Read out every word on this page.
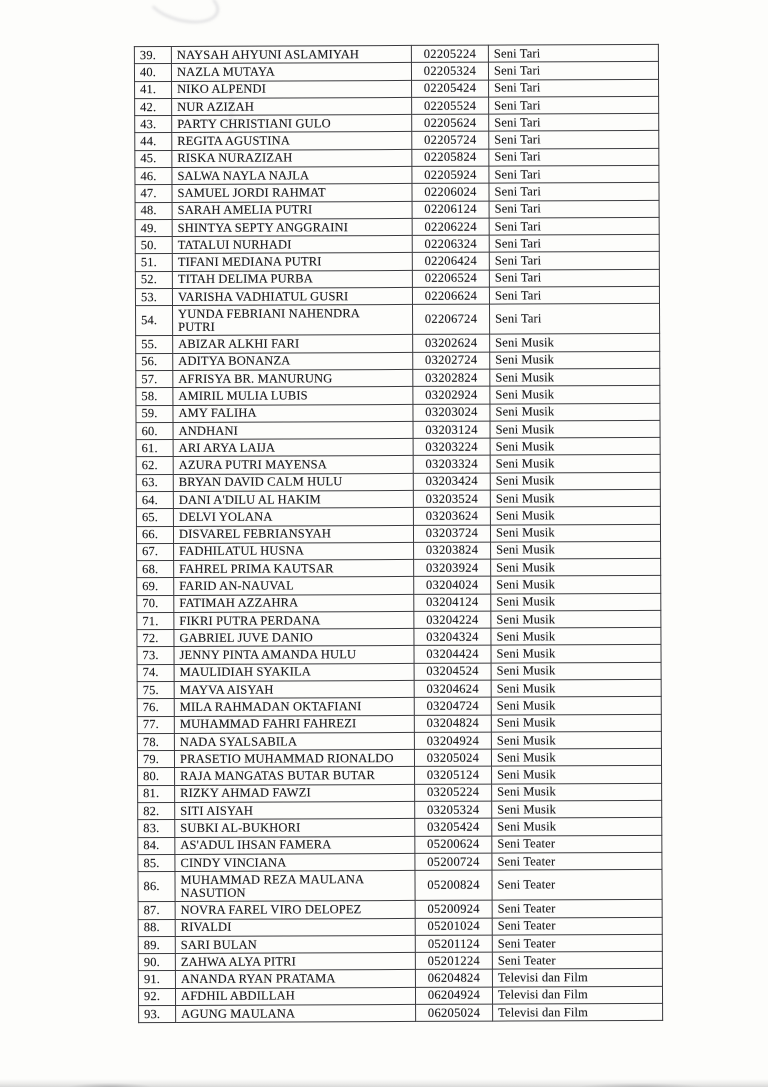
39.	NAYSAH AHYUNI ASLAMIYAH	02205224	Seni Tari
40.	NAZLA MUTAYA	02205324	Seni Tari
41.	NIKO ALPENDI	02205424	Seni Tari
42.	NUR AZIZAH	02205524	Seni Tari
43.	PARTY CHRISTIANI GULO	02205624	Seni Tari
44.	REGITA AGUSTINA	02205724	Seni Tari
45.	RISKA NURAZIZAH	02205824	Seni Tari
46.	SALWA NAYLA NAJLA	02205924	Seni Tari
47.	SAMUEL JORDI RAHMAT	02206024	Seni Tari
48.	SARAH AMELIA PUTRI	02206124	Seni Tari
49.	SHINTYA SEPTY ANGGRAINI	02206224	Seni Tari
50.	TATALUI NURHADI	02206324	Seni Tari
51.	TIFANI MEDIANA PUTRI	02206424	Seni Tari
52.	TITAH DELIMA PURBA	02206524	Seni Tari
53.	VARISHA VADHIATUL GUSRI	02206624	Seni Tari
54.	YUNDA FEBRIANI NAHENDRA
PUTRI	02206724	Seni Tari
55.	ABIZAR ALKHI FARI	03202624	Seni Musik
56.	ADITYA BONANZA	03202724	Seni Musik
57.	AFRISYA BR. MANURUNG	03202824	Seni Musik
58.	AMIRIL MULIA LUBIS	03202924	Seni Musik
59.	AMY FALIHA	03203024	Seni Musik
60.	ANDHANI	03203124	Seni Musik
61.	ARI ARYA LAIJA	03203224	Seni Musik
62.	AZURA PUTRI MAYENSA	03203324	Seni Musik
63.	BRYAN DAVID CALM HULU	03203424	Seni Musik
64.	DANI A'DILU AL HAKIM	03203524	Seni Musik
65.	DELVI YOLANA	03203624	Seni Musik
66.	DISVAREL FEBRIANSYAH	03203724	Seni Musik
67.	FADHILATUL HUSNA	03203824	Seni Musik
68.	FAHREL PRIMA KAUTSAR	03203924	Seni Musik
69.	FARID AN-NAUVAL	03204024	Seni Musik
70.	FATIMAH AZZAHRA	03204124	Seni Musik
71.	FIKRI PUTRA PERDANA	03204224	Seni Musik
72.	GABRIEL JUVE DANIO	03204324	Seni Musik
73.	JENNY PINTA AMANDA HULU	03204424	Seni Musik
74.	MAULIDIAH SYAKILA	03204524	Seni Musik
75.	MAYVA AISYAH	03204624	Seni Musik
76.	MILA RAHMADAN OKTAFIANI	03204724	Seni Musik
77.	MUHAMMAD FAHRI FAHREZI	03204824	Seni Musik
78.	NADA SYALSABILA	03204924	Seni Musik
79.	PRASETIO MUHAMMAD RIONALDO	03205024	Seni Musik
80.	RAJA MANGATAS BUTAR BUTAR	03205124	Seni Musik
81.	RIZKY AHMAD FAWZI	03205224	Seni Musik
82.	SITI AISYAH	03205324	Seni Musik
83.	SUBKI AL-BUKHORI	03205424	Seni Musik
84.	AS'ADUL IHSAN FAMERA	05200624	Seni Teater
85.	CINDY VINCIANA	05200724	Seni Teater
86.	MUHAMMAD REZA MAULANA
NASUTION	05200824	Seni Teater
87.	NOVRA FAREL VIRO DELOPEZ	05200924	Seni Teater
88.	RIVALDI	05201024	Seni Teater
89.	SARI BULAN	05201124	Seni Teater
90.	ZAHWA ALYA PITRI	05201224	Seni Teater
91.	ANANDA RYAN PRATAMA	06204824	Televisi dan Film
92.	AFDHIL ABDILLAH	06204924	Televisi dan Film
93.	AGUNG MAULANA	06205024	Televisi dan Film
